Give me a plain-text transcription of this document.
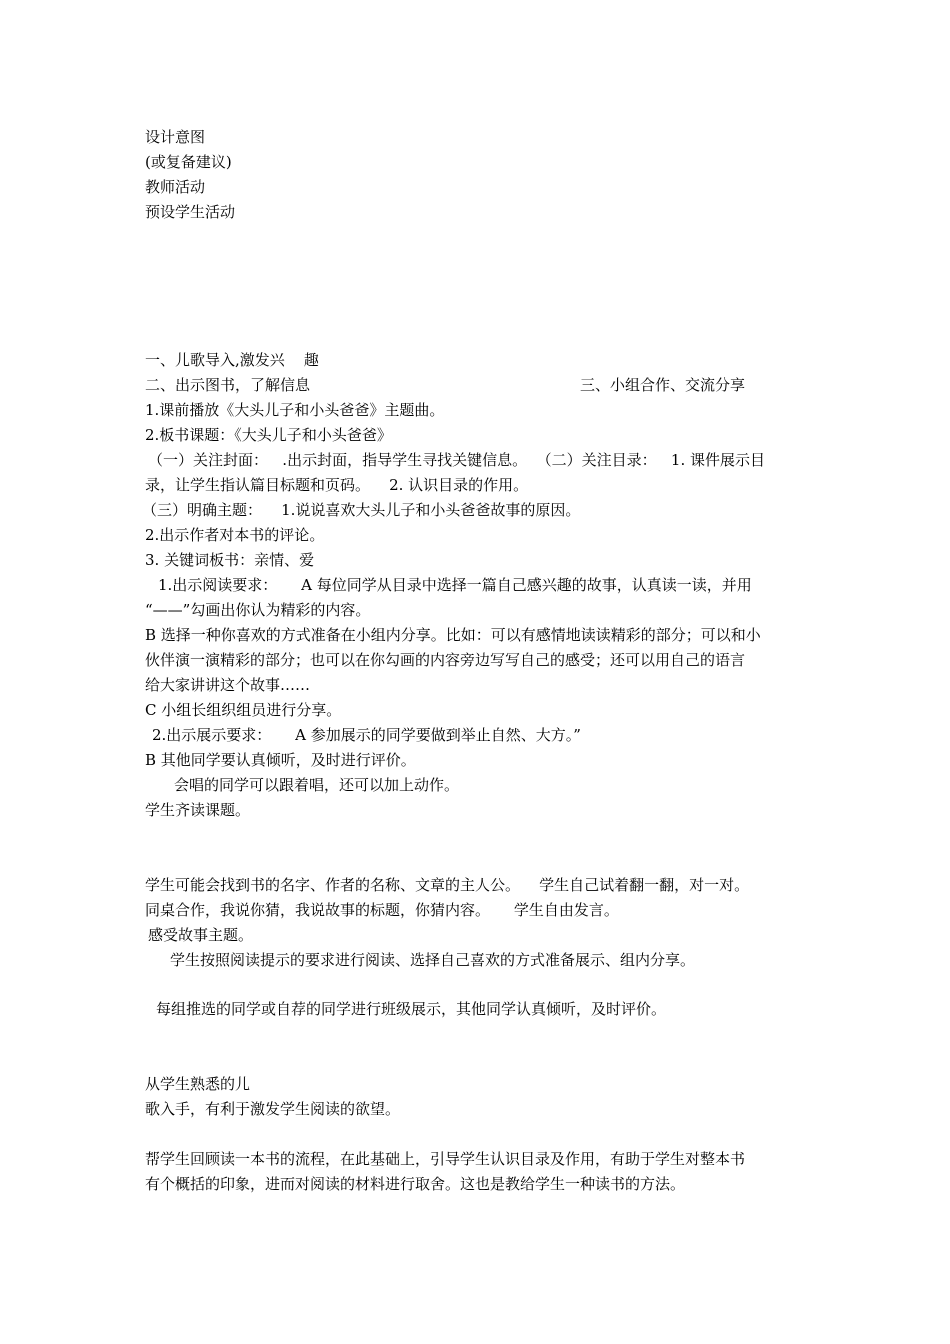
设计意图
(或复备建议)
教师活动
预设学生活动
一、儿歌导入,激发兴    趣
二、出示图书，了解信息	三、小组合作、交流分享
1.课前播放《大头儿子和小头爸爸》主题曲。
2.板书课题：《大头儿子和小头爸爸》
（一）关注封面：   .出示封面，指导学生寻找关键信息。  （二）关注目录：   1. 课件展示目
录，让学生指认篇目标题和页码。    2. 认识目录的作用。
（三）明确主题：    1.说说喜欢大头儿子和小头爸爸故事的原因。
2.出示作者对本书的评论。
3. 关键词板书：亲情、爱
1.出示阅读要求：     A 每位同学从目录中选择一篇自己感兴趣的故事，认真读一读，并用
“——”勾画出你认为精彩的内容。
B 选择一种你喜欢的方式准备在小组内分享。比如：可以有感情地读读精彩的部分；可以和小
伙伴演一演精彩的部分；也可以在你勾画的内容旁边写写自己的感受；还可以用自己的语言
给大家讲讲这个故事……
C 小组长组织组员进行分享。
2.出示展示要求：     A 参加展示的同学要做到举止自然、大方。”
B 其他同学要认真倾听，及时进行评价。
会唱的同学可以跟着唱，还可以加上动作。
学生齐读课题。
学生可能会找到书的名字、作者的名称、文章的主人公。    学生自己试着翻一翻，对一对。
同桌合作，我说你猜，我说故事的标题，你猜内容。     学生自由发言。
感受故事主题。
学生按照阅读提示的要求进行阅读、选择自己喜欢的方式准备展示、组内分享。
每组推选的同学或自荐的同学进行班级展示，其他同学认真倾听，及时评价。
从学生熟悉的儿
歌入手，有利于激发学生阅读的欲望。
帮学生回顾读一本书的流程，在此基础上，引导学生认识目录及作用，有助于学生对整本书
有个概括的印象，进而对阅读的材料进行取舍。这也是教给学生一种读书的方法。
